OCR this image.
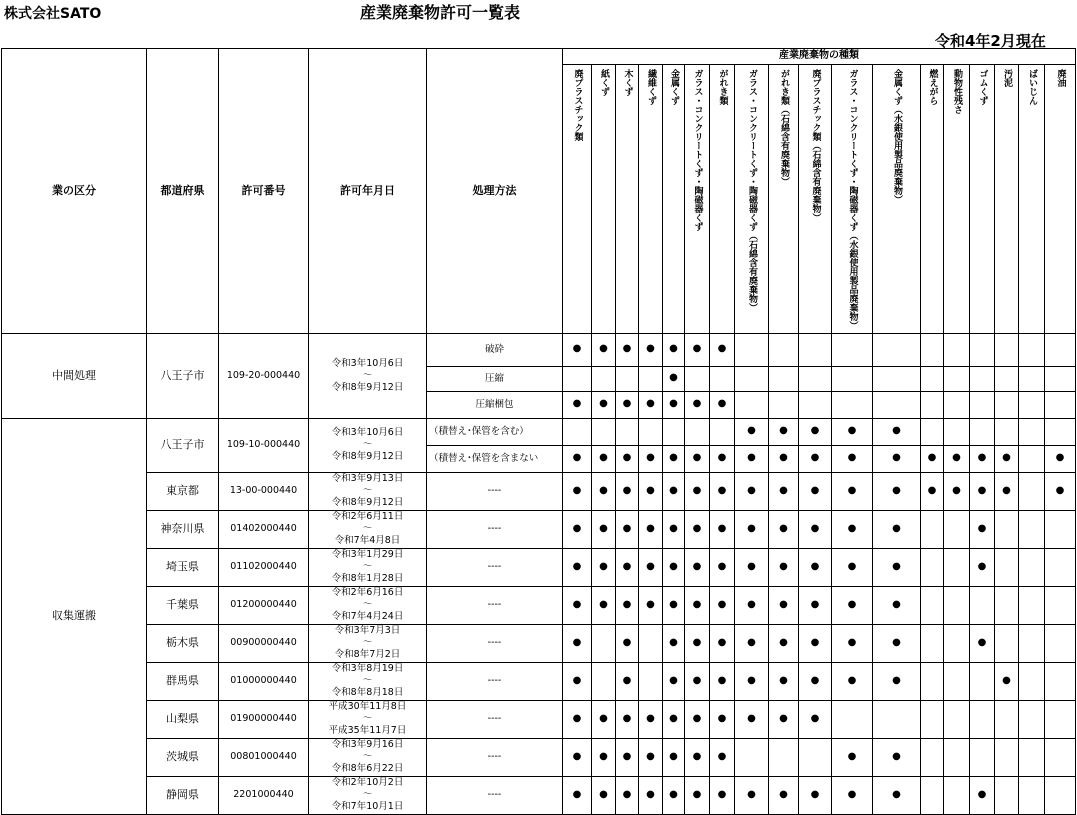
株式会社SATO	産業廃棄物許可一覧表
令和4年2月現在
業の区分	都道府県	許可番号	許可年月日	処理方法	産業廃棄物の種類																	
					廃プラスチック類	紙くず	木くず	繊維くず	金属くず	ガラス・コンクリートくず・陶磁器くず	がれき類	ガラス・コンクリートくず・陶磁器くず（石綿含有廃棄物）	がれき類（石綿含有廃棄物）	廃プラスチック類（石綿含有廃棄物）	ガラス・コンクリートくず・陶磁器くず（水銀使用製品廃棄物）	金属くず（水銀使用製品廃棄物）	燃えがら	動物性残さ	ゴムくず	汚泥	ばいじん	廃油
中間処理	八王子市	109-20-000440	令和3年10月6日
～
令和8年9月12日	破砕	●	●	●	●	●	●	●											
				圧縮					●													
				圧縮梱包	●	●	●	●	●	●	●											
収集運搬	八王子市	109-10-000440	令和3年10月6日
～
令和8年9月12日	（積替え･保管を含む）								●	●	●	●	●						
				（積替え･保管を含まない	●	●	●	●	●	●	●	●	●	●	●	●	●	●	●	●		●
	東京都	13-00-000440	令和3年9月13日
～
令和8年9月12日	----	●	●	●	●	●	●	●	●	●	●	●	●	●	●	●	●		●
	神奈川県	01402000440	令和2年6月11日
～
令和7年4月8日	----	●	●	●	●	●	●	●	●	●	●	●	●			●			
	埼玉県	01102000440	令和3年1月29日
～
令和8年1月28日	----	●	●	●	●	●	●	●	●	●	●	●	●			●			
	千葉県	01200000440	令和2年6月16日
～
令和7年4月24日	----	●	●	●	●	●	●	●	●	●	●	●	●						
	栃木県	00900000440	令和3年7月3日
～
令和8年7月2日	----	●		●		●	●	●	●	●	●	●	●			●			
	群馬県	01000000440	令和3年8月19日
～
令和8年8月18日	----	●		●		●	●	●	●	●	●	●	●				●		
	山梨県	01900000440	平成30年11月8日
～
平成35年11月7日	----	●	●	●	●	●	●	●	●	●	●								
	茨城県	00801000440	令和3年9月16日
～
令和8年6月22日	----	●	●	●	●	●	●	●				●	●						
	静岡県	2201000440	令和2年10月2日
～
令和7年10月1日	----	●	●	●	●	●	●	●	●	●	●	●	●			●			
